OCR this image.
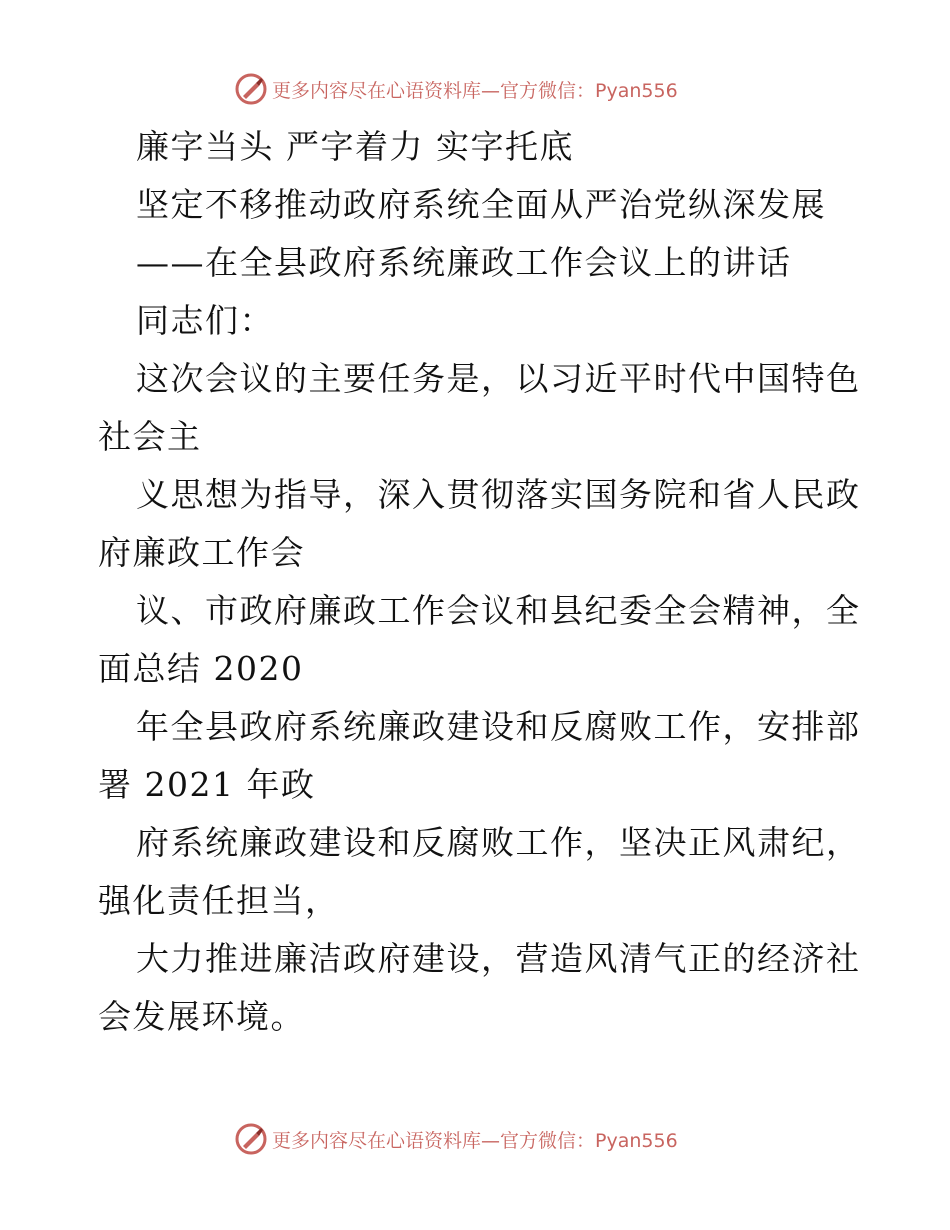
更多内容尽在心语资料库—官方微信：Pyan556
廉字当头 严字着力 实字托底
坚定不移推动政府系统全面从严治党纵深发展
——在全县政府系统廉政工作会议上的讲话
同志们：
这次会议的主要任务是，以习近平时代中国特色
社会主
义思想为指导，深入贯彻落实国务院和省人民政
府廉政工作会
议、市政府廉政工作会议和县纪委全会精神，全
面总结 2020
年全县政府系统廉政建设和反腐败工作，安排部
署 2021 年政
府系统廉政建设和反腐败工作，坚决正风肃纪，
强化责任担当，
大力推进廉洁政府建设，营造风清气正的经济社
会发展环境。
更多内容尽在心语资料库—官方微信：Pyan556
